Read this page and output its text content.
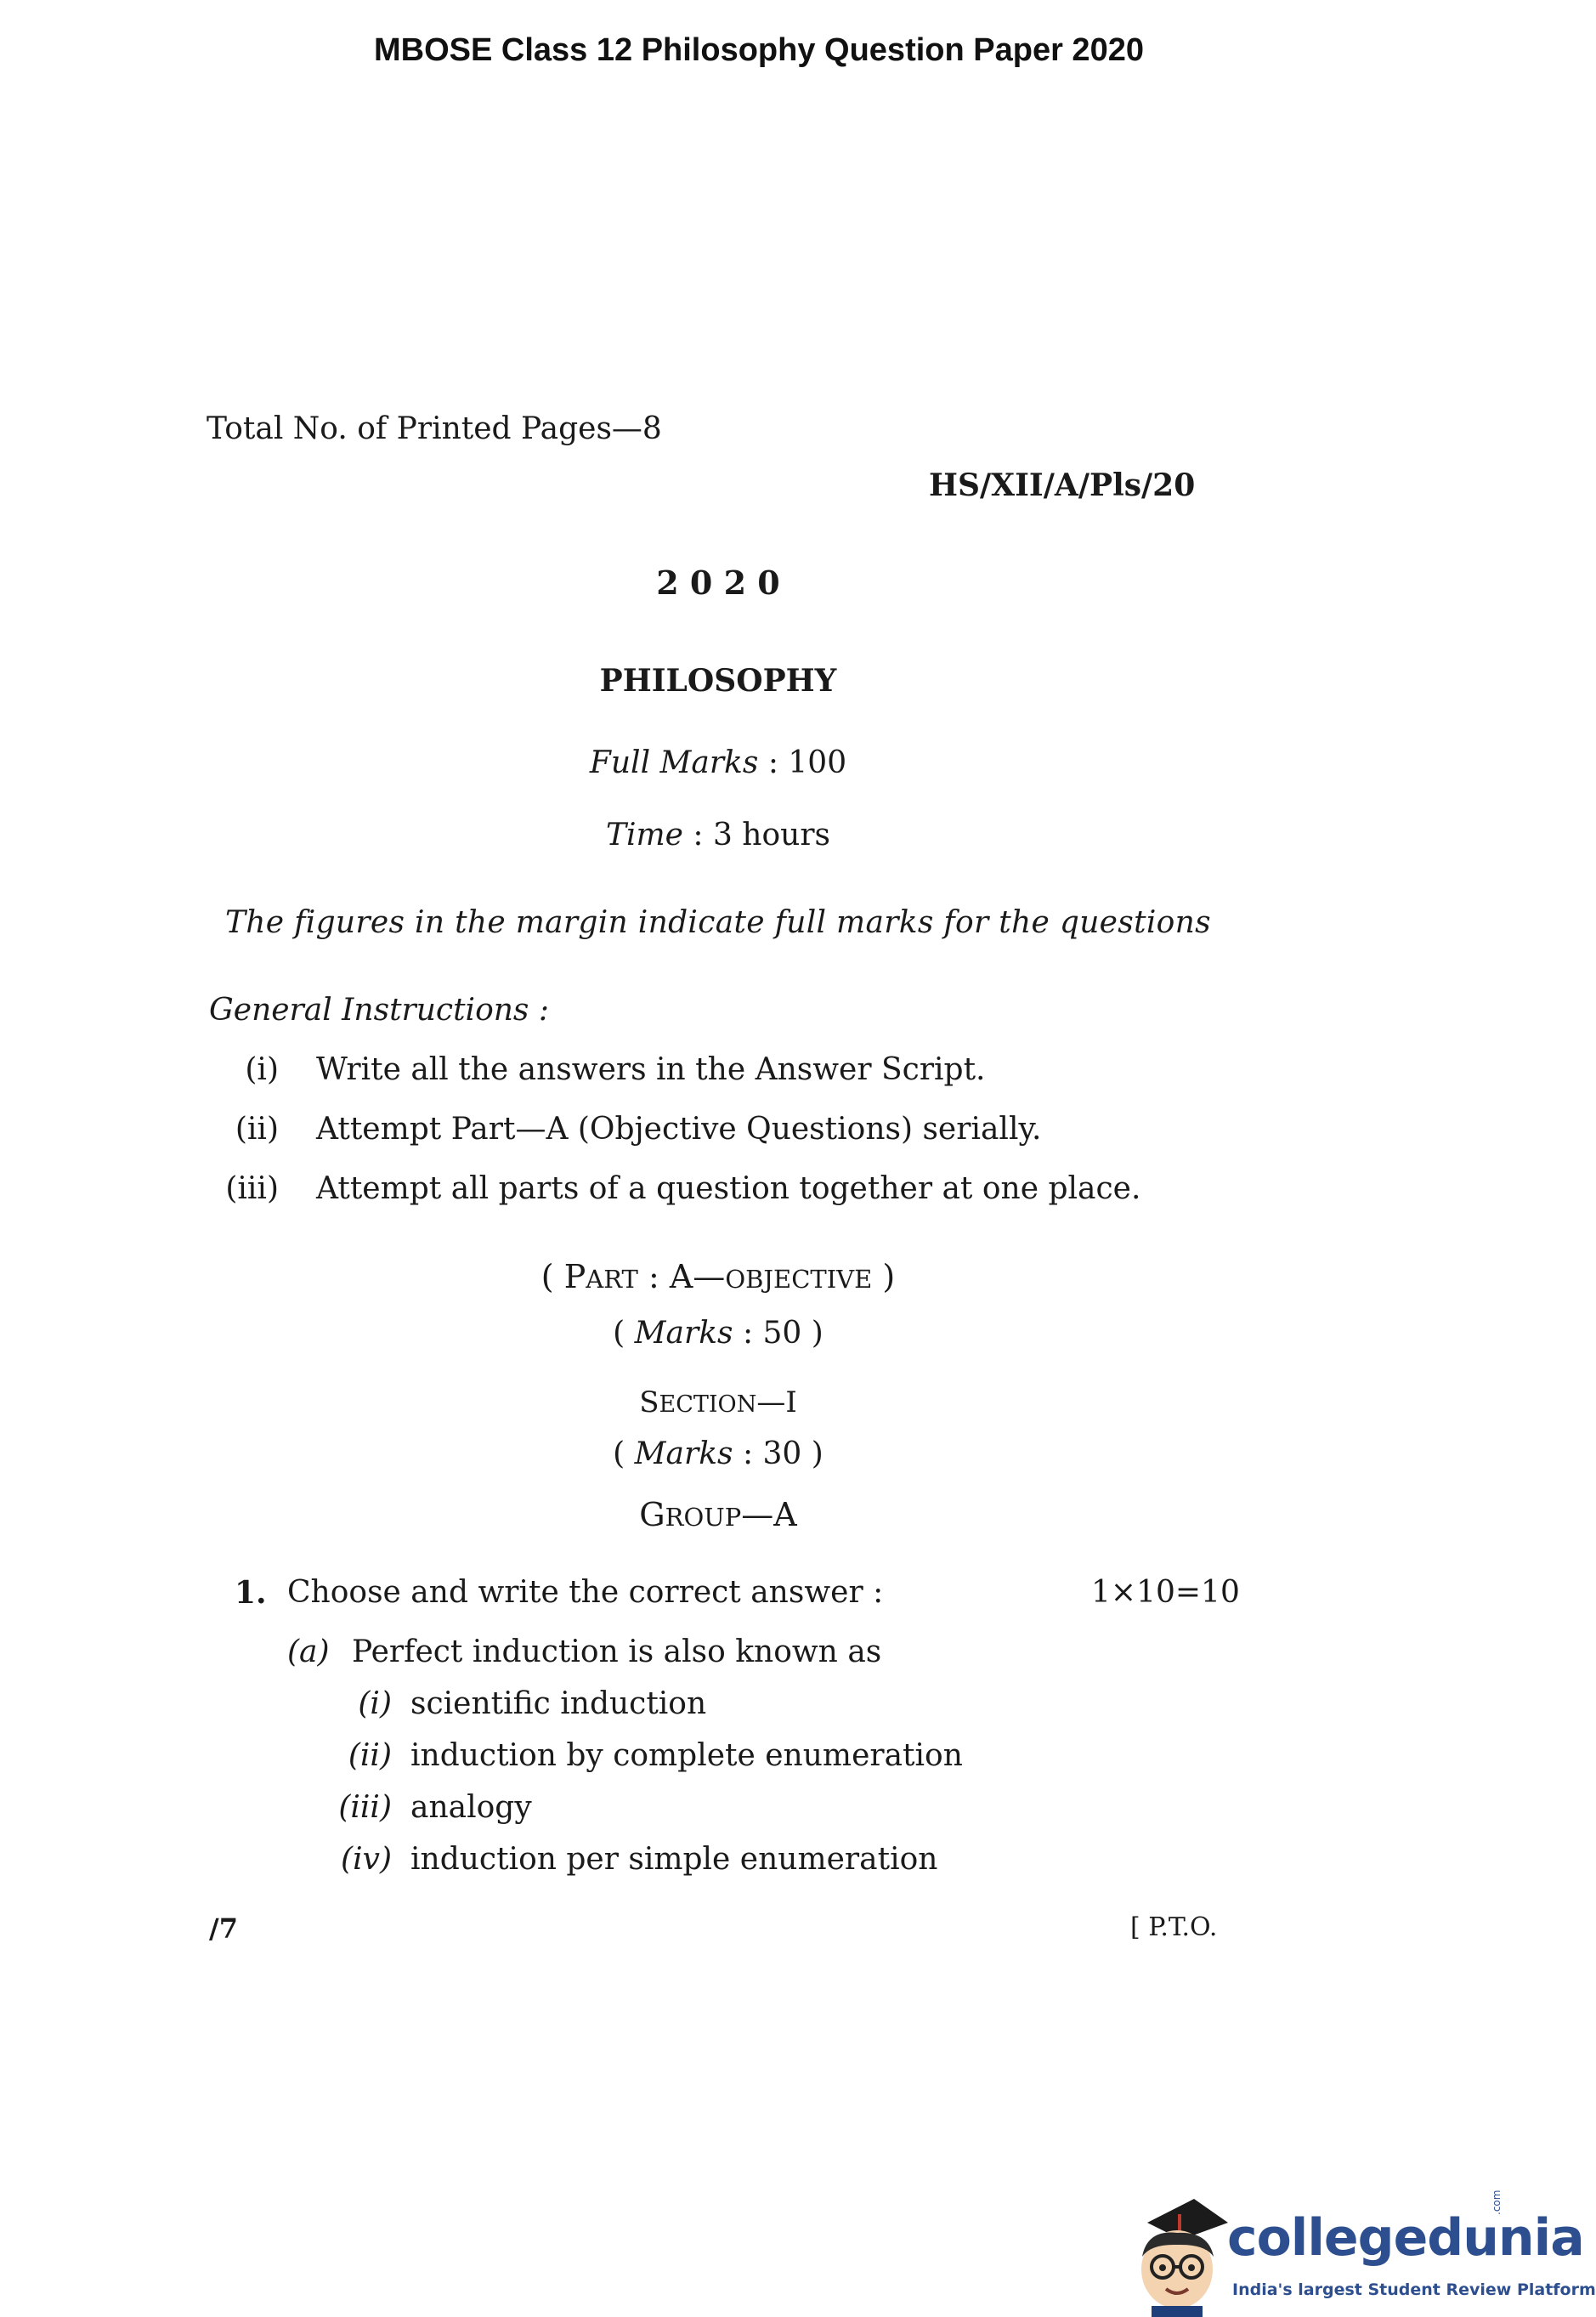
MBOSE Class 12 Philosophy Question Paper 2020
Total No. of Printed Pages—8
HS/XII/A/Pls/20
2 0 2 0
PHILOSOPHY
Full Marks : 100
Time : 3 hours
The figures in the margin indicate full marks for the questions
General Instructions :
(i) Write all the answers in the Answer Script.
(ii) Attempt Part—A (Objective Questions) serially.
(iii) Attempt all parts of a question together at one place.
( PART : A—OBJECTIVE )
( Marks : 50 )
SECTION—I
( Marks : 30 )
GROUP—A
1. Choose and write the correct answer :	1×10=10
(a) Perfect induction is also known as
(i) scientific induction
(ii) induction by complete enumeration
(iii) analogy
(iv) induction per simple enumeration
/7	[ P.T.O.
collegedunia
.com
India's largest Student Review Platform
